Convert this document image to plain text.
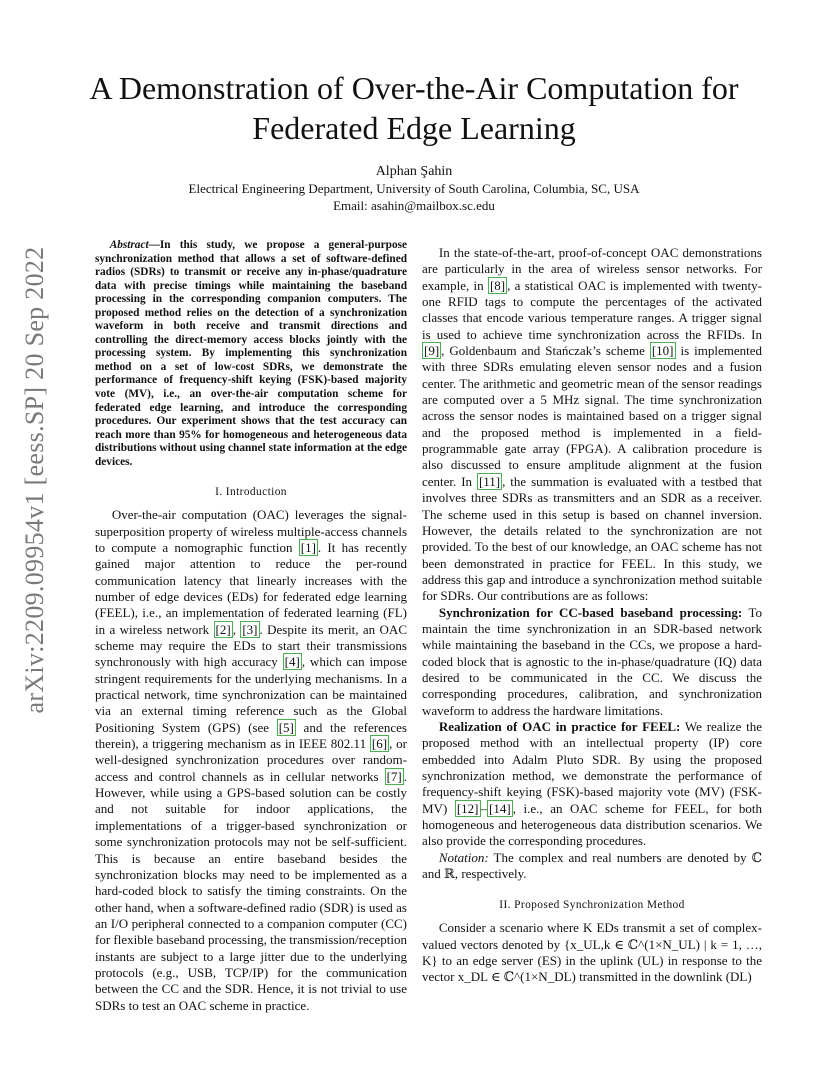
arXiv:2209.09954v1 [eess.SP] 20 Sep 2022
A Demonstration of Over-the-Air Computation for
Federated Edge Learning
Alphan Şahin
Electrical Engineering Department, University of South Carolina, Columbia, SC, USA
Email: asahin@mailbox.sc.edu

Abstract—In this study, we propose a general-purpose synchronization method that allows a set of software-defined radios (SDRs) to transmit or receive any in-phase/quadrature data with precise timings while maintaining the baseband processing in the corresponding companion computers. The proposed method relies on the detection of a synchronization waveform in both receive and transmit directions and controlling the direct-memory access blocks jointly with the processing system. By implementing this synchronization method on a set of low-cost SDRs, we demonstrate the performance of frequency-shift keying (FSK)-based majority vote (MV), i.e., an over-the-air computation scheme for federated edge learning, and introduce the corresponding procedures. Our experiment shows that the test accuracy can reach more than 95% for homogeneous and heterogeneous data distributions without using channel state information at the edge devices.

I. Introduction

Over-the-air computation (OAC) leverages the signal-superposition property of wireless multiple-access channels to compute a nomographic function [1] . It has recently gained major attention to reduce the per-round communication latency that linearly increases with the number of edge devices (EDs) for federated edge learning (FEEL), i.e., an implementation of federated learning (FL) in a wireless network [2] , [3] . Despite its merit, an OAC scheme may require the EDs to start their transmissions synchronously with high accuracy [4] , which can impose stringent requirements for the underlying mechanisms. In a practical network, time synchronization can be maintained via an external timing reference such as the Global Positioning System (GPS) (see [5] and the references therein), a triggering mechanism as in IEEE 802.11 [6] , or well-designed synchronization procedures over random-access and control channels as in cellular networks [7] . However, while using a GPS-based solution can be costly and not suitable for indoor applications, the implementations of a trigger-based synchronization or some synchronization protocols may not be self-sufficient. This is because an entire baseband besides the synchronization blocks may need to be implemented as a hard-coded block to satisfy the timing constraints. On the other hand, when a software-defined radio (SDR) is used as an I/O peripheral connected to a companion computer (CC) for flexible baseband processing, the transmission/reception instants are subject to a large jitter due to the underlying protocols (e.g., USB, TCP/IP) for the communication between the CC and the SDR. Hence, it is not trivial to use SDRs to test an OAC scheme in practice.

In the state-of-the-art, proof-of-concept OAC demonstrations are particularly in the area of wireless sensor networks. For example, in [8] , a statistical OAC is implemented with twenty-one RFID tags to compute the percentages of the activated classes that encode various temperature ranges. A trigger signal is used to achieve time synchronization across the RFIDs. In [9] , Goldenbaum and Stańczak’s scheme [10] is implemented with three SDRs emulating eleven sensor nodes and a fusion center. The arithmetic and geometric mean of the sensor readings are computed over a 5 MHz signal. The time synchronization across the sensor nodes is maintained based on a trigger signal and the proposed method is implemented in a field-programmable gate array (FPGA). A calibration procedure is also discussed to ensure amplitude alignment at the fusion center. In [11] , the summation is evaluated with a testbed that involves three SDRs as transmitters and an SDR as a receiver. The scheme used in this setup is based on channel inversion. However, the details related to the synchronization are not provided. To the best of our knowledge, an OAC scheme has not been demonstrated in practice for FEEL. In this study, we address this gap and introduce a synchronization method suitable for SDRs. Our contributions are as follows:

Synchronization for CC-based baseband processing: To maintain the time synchronization in an SDR-based network while maintaining the baseband in the CCs, we propose a hard-coded block that is agnostic to the in-phase/quadrature (IQ) data desired to be communicated in the CC. We discuss the corresponding procedures, calibration, and synchronization waveform to address the hardware limitations.

Realization of OAC in practice for FEEL: We realize the proposed method with an intellectual property (IP) core embedded into Adalm Pluto SDR. By using the proposed synchronization method, we demonstrate the performance of frequency-shift keying (FSK)-based majority vote (MV) (FSK-MV) [12] – [14] , i.e., an OAC scheme for FEEL, for both homogeneous and heterogeneous data distribution scenarios. We also provide the corresponding procedures.

Notation: The complex and real numbers are denoted by ℂ and ℝ, respectively.

II. Proposed Synchronization Method

Consider a scenario where K EDs transmit a set of complex-valued vectors denoted by {x_UL,k ∈ ℂ^(1×N_UL) | k = 1, …, K} to an edge server (ES) in the uplink (UL) in response to the vector x_DL ∈ ℂ^(1×N_DL) transmitted in the downlink (DL)
